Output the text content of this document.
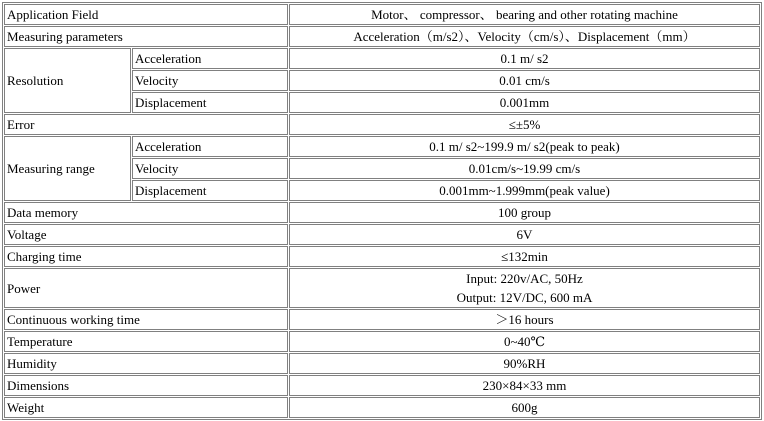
Application Field		Motor、 compressor、 bearing and other rotating machine
Measuring parameters		Acceleration（m/s2）、Velocity（cm/s）、Displacement（mm）
Resolution	Acceleration	0.1 m/ s2
	Velocity	0.01 cm/s
	Displacement	0.001mm
Error		≤±5%
Measuring range	Acceleration	0.1 m/ s2~199.9 m/ s2(peak to peak)
	Velocity	0.01cm/s~19.99 cm/s
	Displacement	0.001mm~1.999mm(peak value)
Data memory		100 group
Voltage		6V
Charging time		≤132min
Power		Input: 220v/AC, 50Hz
Output: 12V/DC, 600 mA

Continuous working time		＞16 hours
Temperature		0~40℃
Humidity		90%RH
Dimensions		230×84×33 mm
Weight		600g
